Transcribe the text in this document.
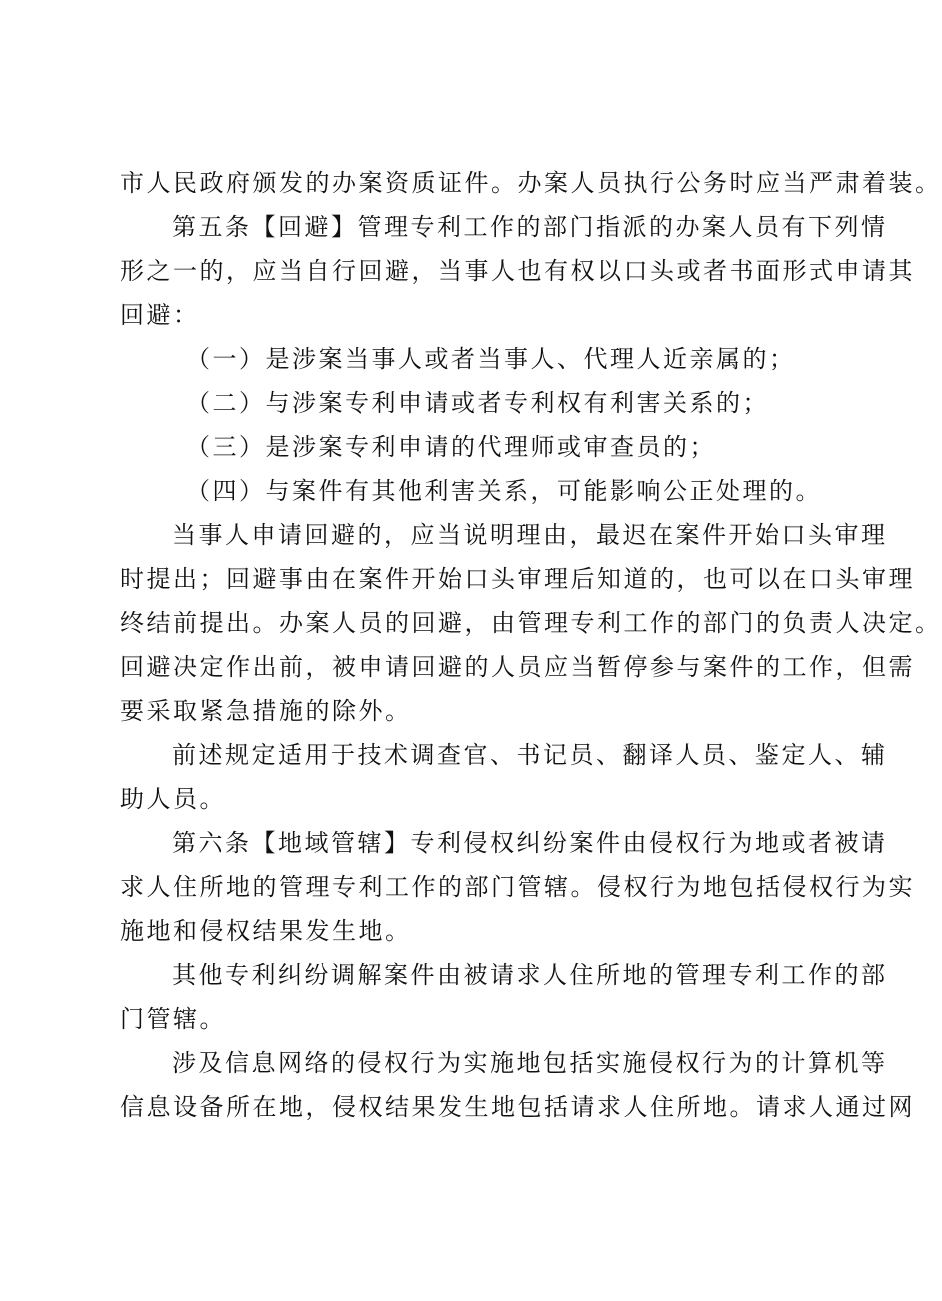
市人民政府颁发的办案资质证件。办案人员执行公务时应当严肃着装。
第五条【回避】管理专利工作的部门指派的办案人员有下列情
形之一的，应当自行回避，当事人也有权以口头或者书面形式申请其
回避：
（一）是涉案当事人或者当事人、代理人近亲属的；
（二）与涉案专利申请或者专利权有利害关系的；
（三）是涉案专利申请的代理师或审查员的；
（四）与案件有其他利害关系，可能影响公正处理的。
当事人申请回避的，应当说明理由，最迟在案件开始口头审理
时提出；回避事由在案件开始口头审理后知道的，也可以在口头审理
终结前提出。办案人员的回避，由管理专利工作的部门的负责人决定。
回避决定作出前，被申请回避的人员应当暂停参与案件的工作，但需
要采取紧急措施的除外。
前述规定适用于技术调查官、书记员、翻译人员、鉴定人、辅
助人员。
第六条【地域管辖】专利侵权纠纷案件由侵权行为地或者被请
求人住所地的管理专利工作的部门管辖。侵权行为地包括侵权行为实
施地和侵权结果发生地。
其他专利纠纷调解案件由被请求人住所地的管理专利工作的部
门管辖。
涉及信息网络的侵权行为实施地包括实施侵权行为的计算机等
信息设备所在地，侵权结果发生地包括请求人住所地。请求人通过网
